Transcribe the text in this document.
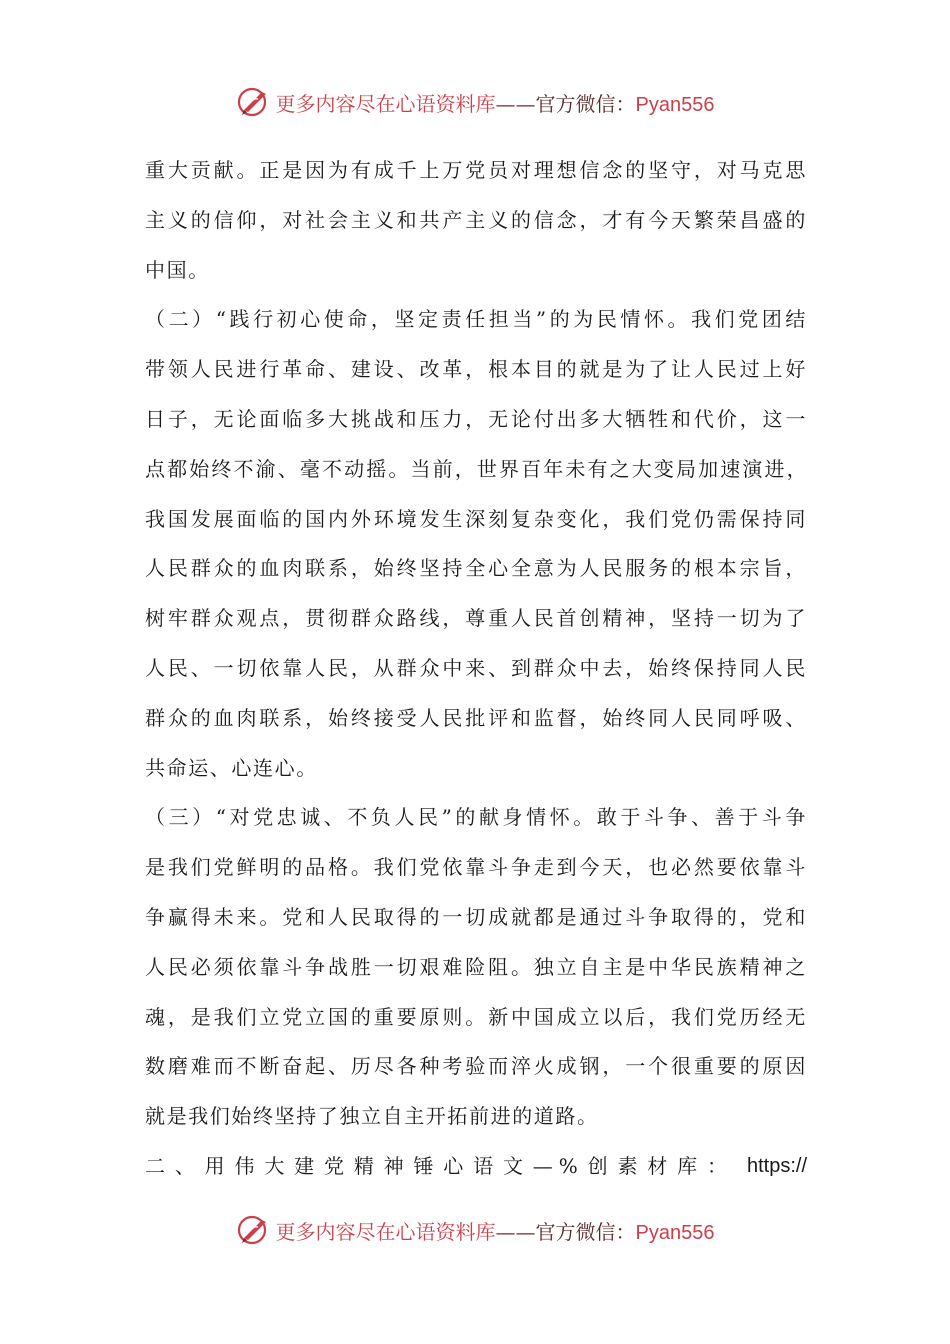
更多内容尽在心语资料库——官方微信：Pyan556
重大贡献。正是因为有成千上万党员对理想信念的坚守，对马克思
主义的信仰，对社会主义和共产主义的信念，才有今天繁荣昌盛的
中国。
（二）“践行初心使命，坚定责任担当”的为民情怀。我们党团结
带领人民进行革命、建设、改革，根本目的就是为了让人民过上好
日子，无论面临多大挑战和压力，无论付出多大牺牲和代价，这一
点都始终不渝、毫不动摇。当前，世界百年未有之大变局加速演进，
我国发展面临的国内外环境发生深刻复杂变化，我们党仍需保持同
人民群众的血肉联系，始终坚持全心全意为人民服务的根本宗旨，
树牢群众观点，贯彻群众路线，尊重人民首创精神，坚持一切为了
人民、一切依靠人民，从群众中来、到群众中去，始终保持同人民
群众的血肉联系，始终接受人民批评和监督，始终同人民同呼吸、
共命运、心连心。
（三）“对党忠诚、不负人民”的献身情怀。敢于斗争、善于斗争
是我们党鲜明的品格。我们党依靠斗争走到今天，也必然要依靠斗
争赢得未来。党和人民取得的一切成就都是通过斗争取得的，党和
人民必须依靠斗争战胜一切艰难险阻。独立自主是中华民族精神之
魂，是我们立党立国的重要原则。新中国成立以后，我们党历经无
数磨难而不断奋起、历尽各种考验而淬火成钢，一个很重要的原因
就是我们始终坚持了独立自主开拓前进的道路。
二、用伟大建党精神锤心语文—%创素材库： https://
更多内容尽在心语资料库——官方微信：Pyan556
